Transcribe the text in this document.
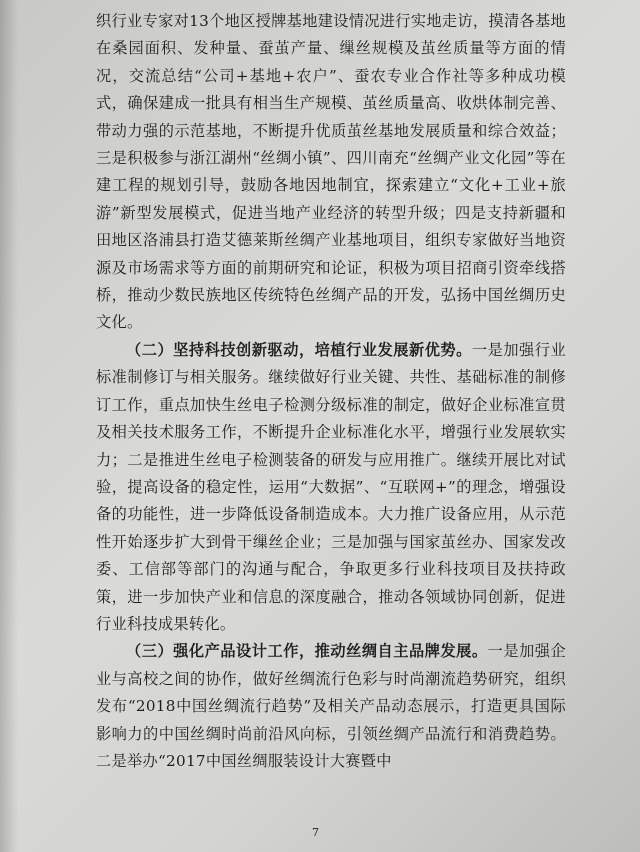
织行业专家对13个地区授牌基地建设情况进行实地走访，摸清各基地在桑园面积、发种量、蚕茧产量、缫丝规模及茧丝质量等方面的情况，交流总结“公司+基地+农户”、蚕农专业合作社等多种成功模式，确保建成一批具有相当生产规模、茧丝质量高、收烘体制完善、带动力强的示范基地，不断提升优质茧丝基地发展质量和综合效益；三是积极参与浙江湖州“丝绸小镇”、四川南充“丝绸产业文化园”等在建工程的规划引导，鼓励各地因地制宜，探索建立“文化+工业+旅游”新型发展模式，促进当地产业经济的转型升级；四是支持新疆和田地区洛浦县打造艾德莱斯丝绸产业基地项目，组织专家做好当地资源及市场需求等方面的前期研究和论证，积极为项目招商引资牵线搭桥，推动少数民族地区传统特色丝绸产品的开发，弘扬中国丝绸历史文化。

（二）坚持科技创新驱动，培植行业发展新优势。一是加强行业标准制修订与相关服务。继续做好行业关键、共性、基础标准的制修订工作，重点加快生丝电子检测分级标准的制定，做好企业标准宣贯及相关技术服务工作，不断提升企业标准化水平，增强行业发展软实力；二是推进生丝电子检测装备的研发与应用推广。继续开展比对试验，提高设备的稳定性，运用“大数据”、“互联网+”的理念，增强设备的功能性，进一步降低设备制造成本。大力推广设备应用，从示范性开始逐步扩大到骨干缫丝企业；三是加强与国家茧丝办、国家发改委、工信部等部门的沟通与配合，争取更多行业科技项目及扶持政策，进一步加快产业和信息的深度融合，推动各领域协同创新，促进行业科技成果转化。

（三）强化产品设计工作，推动丝绸自主品牌发展。一是加强企业与高校之间的协作，做好丝绸流行色彩与时尚潮流趋势研究，组织发布“2018中国丝绸流行趋势”及相关产品动态展示，打造更具国际影响力的中国丝绸时尚前沿风向标，引领丝绸产品流行和消费趋势。二是举办“2017中国丝绸服装设计大赛暨中

7
